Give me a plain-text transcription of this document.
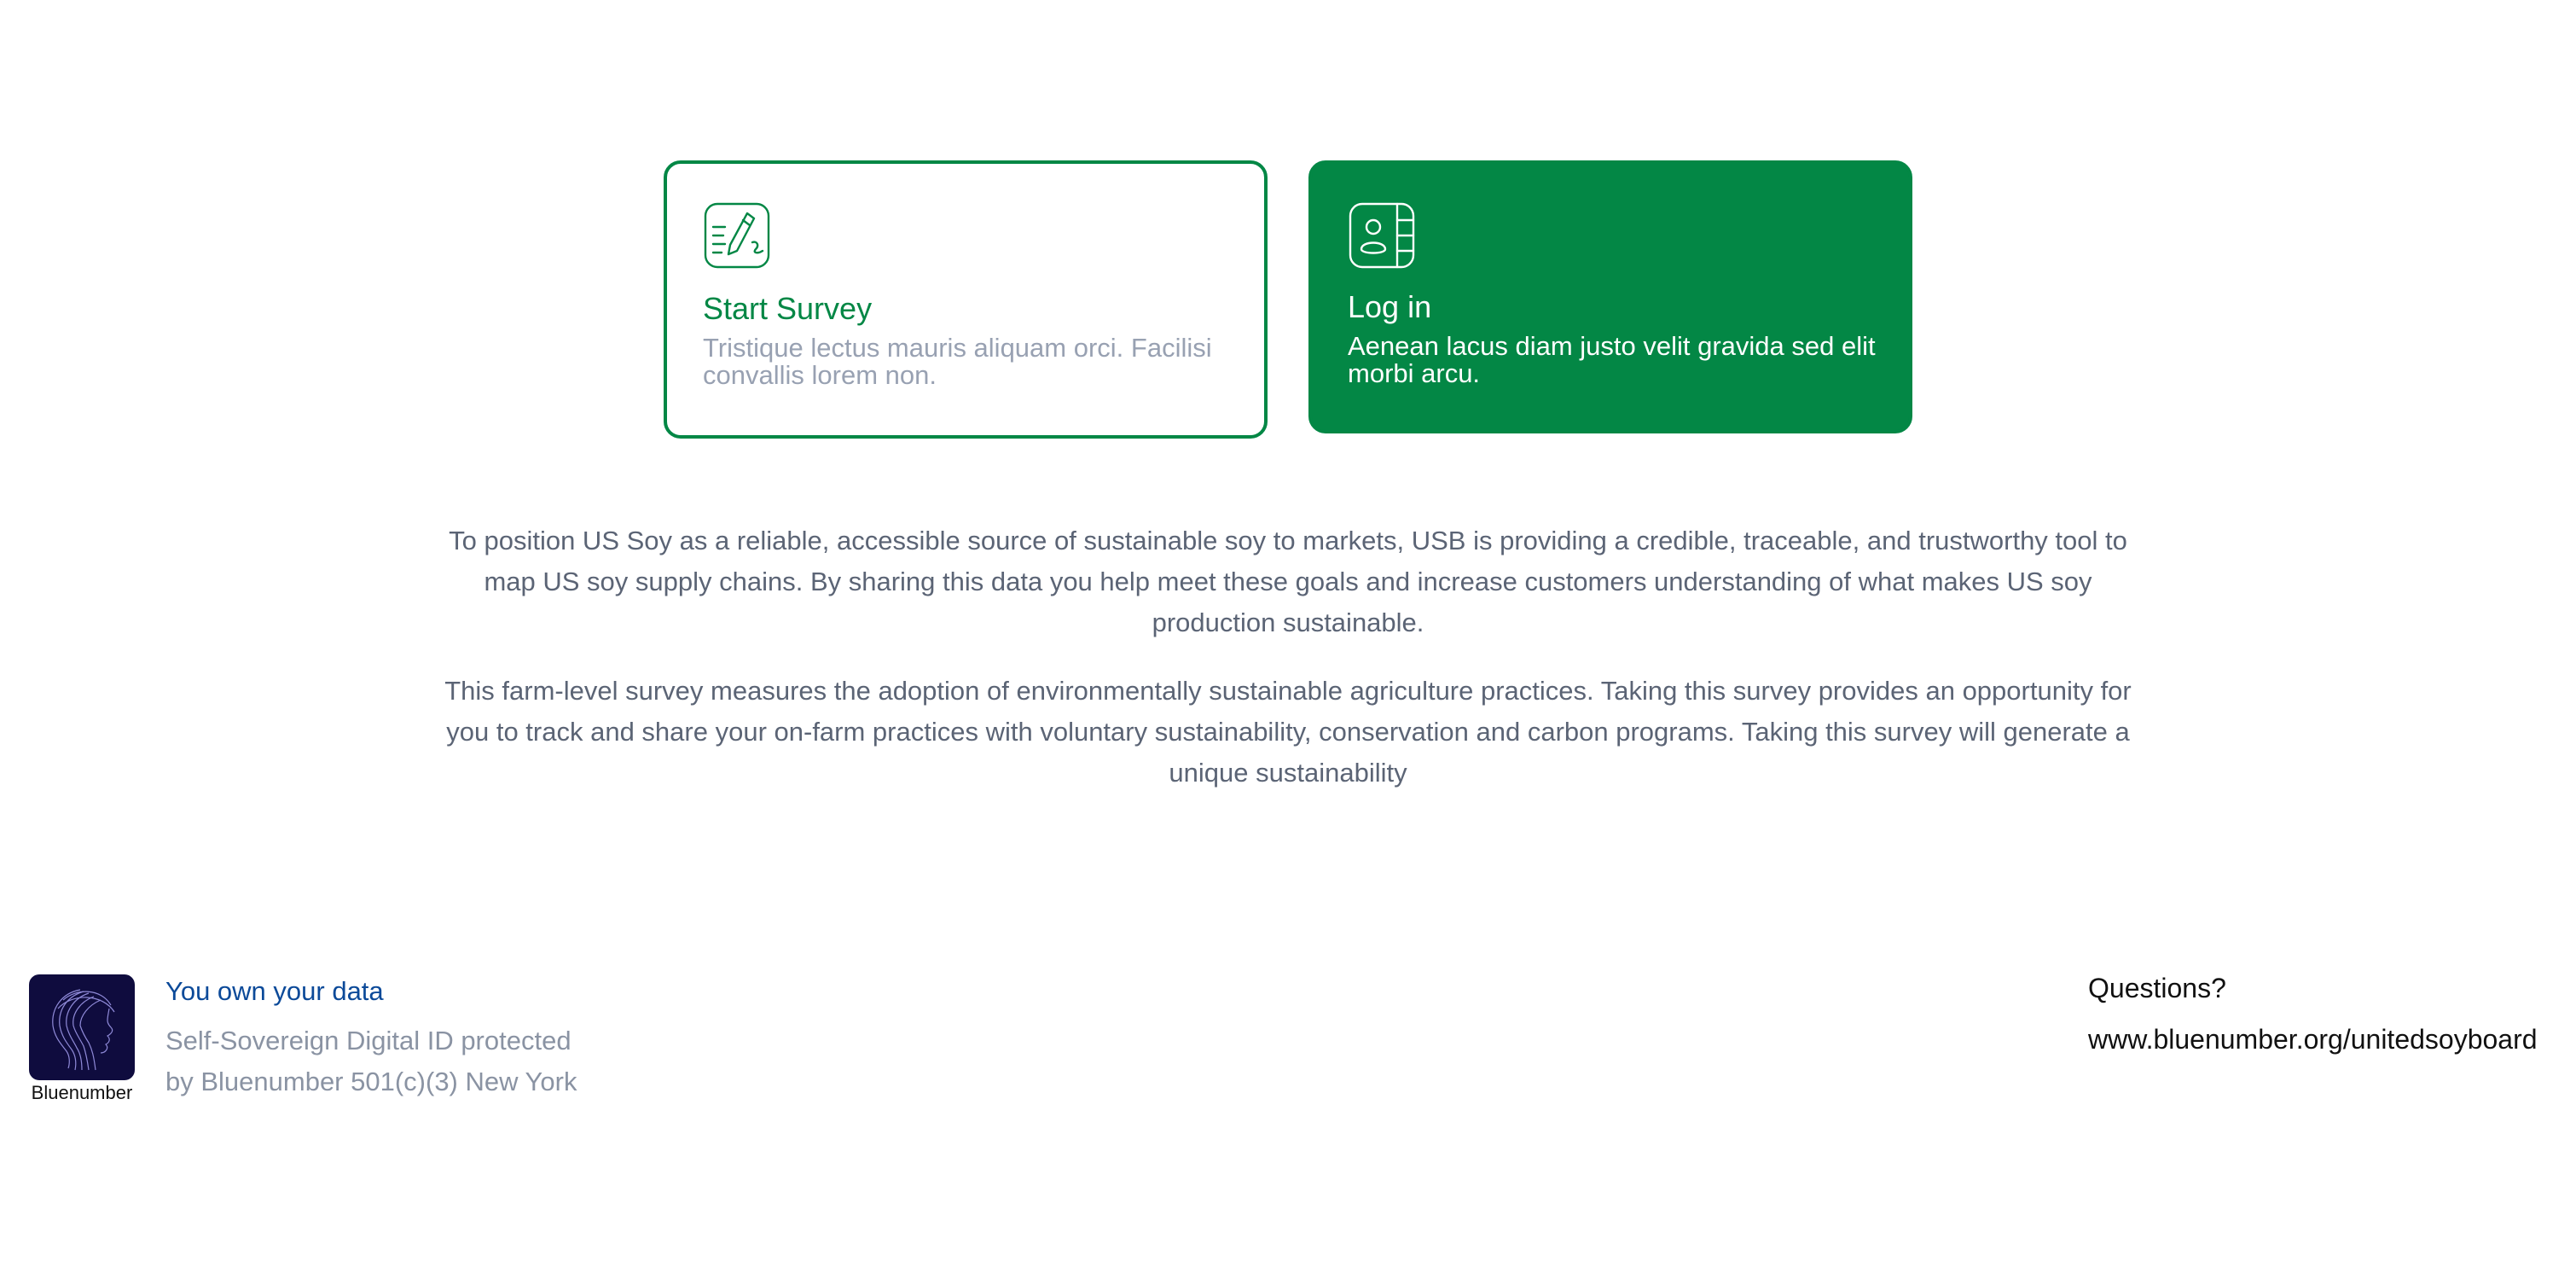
Start Survey
Tristique lectus mauris aliquam orci. Facilisi convallis lorem non.
Log in
Aenean lacus diam justo velit gravida sed elit morbi arcu.

To position US Soy as a reliable, accessible source of sustainable soy to markets, USB is providing a credible, traceable, and trustworthy tool to map US soy supply chains. By sharing this data you help meet these goals and increase customers understanding of what makes US soy production sustainable.

This farm-level survey measures the adoption of environmentally sustainable agriculture practices. Taking this survey provides an opportunity for you to track and share your on-farm practices with voluntary sustainability, conservation and carbon programs. Taking this survey will generate a unique sustainability

Bluenumber
You own your data
Self-Sovereign Digital ID protected
by Bluenumber 501(c)(3) New York
Questions?
www.bluenumber.org/unitedsoyboard
